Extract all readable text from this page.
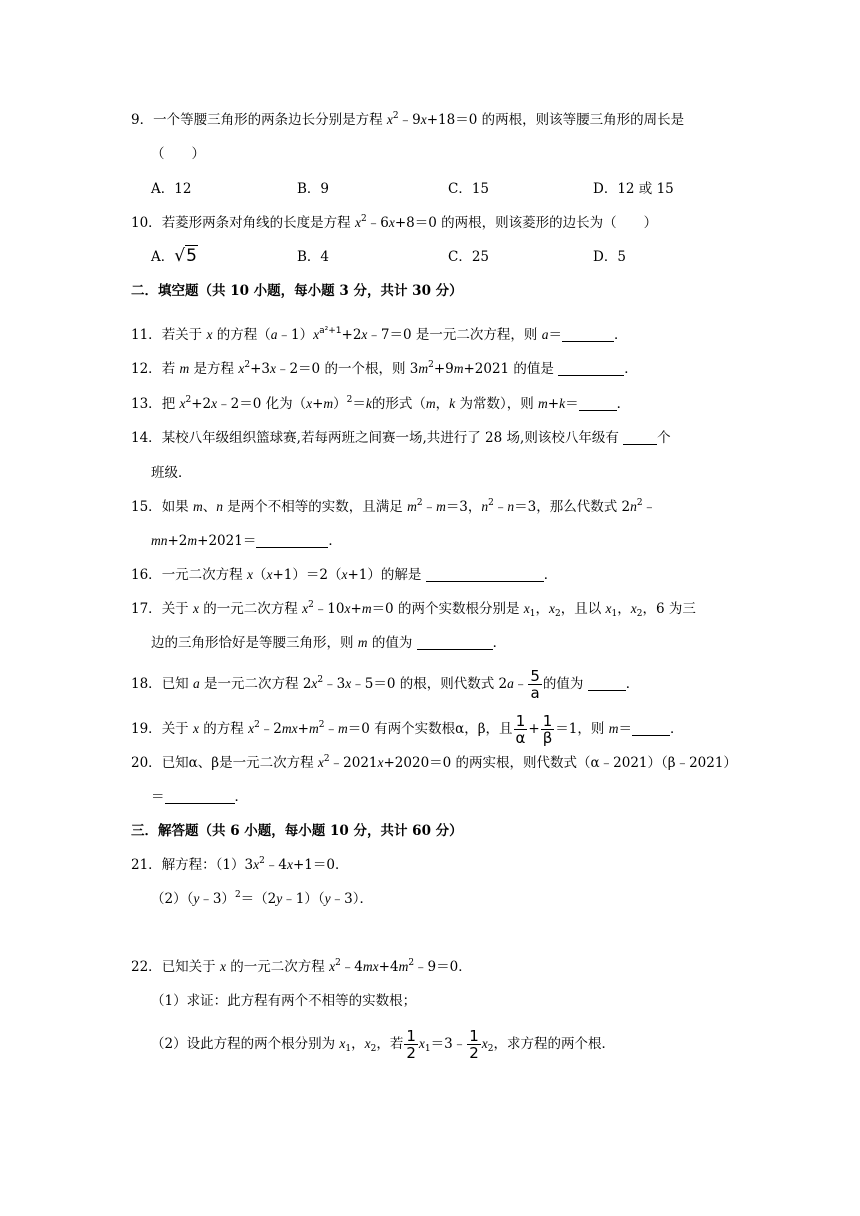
9．一个等腰三角形的两条边长分别是方程 $x^2﹣9x+18=0$ 的两根，则该等腰三角形的周长是
（　　）
A．12	B．9	C．15	D．12 或 15
10．若菱形两条对角线的长度是方程 $x^2﹣6x+8=0$ 的两根，则该菱形的边长为（　　）
A．√5	B．4	C．25	D．5
二．填空题（共 10 小题，每小题 3 分，共计 30 分）
11．若关于 x 的方程$(a﹣1)x^{a^2+1}+2x﹣7=0$ 是一元二次方程，则 a＝	．
12．若 m 是方程 $x^2+3x﹣2=0$ 的一个根，则 $3m^2+9m+2021$ 的值是	．
13．把 $x^2+2x﹣2=0$ 化为$(x+m)^2=k$的形式（m，k 为常数），则 m+k＝	．
14．某校八年级组织篮球赛,若每两班之间赛一场,共进行了 28 场,则该校八年级有	个
班级．
15．如果 m、n 是两个不相等的实数，且满足 $m^2﹣m=3$，$n^2﹣n=3$，那么代数式 $2n^2﹣$
mn+2m+2021＝	．
16．一元二次方程 x（x+1）＝2（x+1）的解是	．
17．关于 x 的一元二次方程 $x^2﹣10x+m=0$ 的两个实数根分别是 $x_1$，$x_2$，且以 $x_1$，$x_2$，6 为三
边的三角形恰好是等腰三角形，则 m 的值为	．
18．已知 a 是一元二次方程 $2x^2﹣3x﹣5=0$ 的根，则代数式 2a﹣ $\frac{5}{a}$ 的值为	．
19．关于 x 的方程 $x^2﹣2mx+m^2﹣m=0$ 有两个实数根α，β，且 $\frac{1}{\alpha} + \frac{1}{\beta} =1$，则 m＝	．
20．已知α、β是一元二次方程 $x^2﹣2021x+2020=0$ 的两实根，则代数式（α﹣2021）（β﹣2021）
＝	．
三．解答题（共 6 小题，每小题 10 分，共计 60 分）
21．解方程：$(1)3x^2﹣4x+1=0$．
（2）（y﹣3）$^2$＝（2y﹣1）（y﹣3）．
22．已知关于 x 的一元二次方程 $x^2﹣4mx+4m^2﹣9=0$．
（1）求证：此方程有两个不相等的实数根；
（2）设此方程的两个根分别为 $x_1$，$x_2$，若 $\frac{1}{2}$ $x_1=3﹣ \frac{1}{2} x_2$，求方程的两个根．
